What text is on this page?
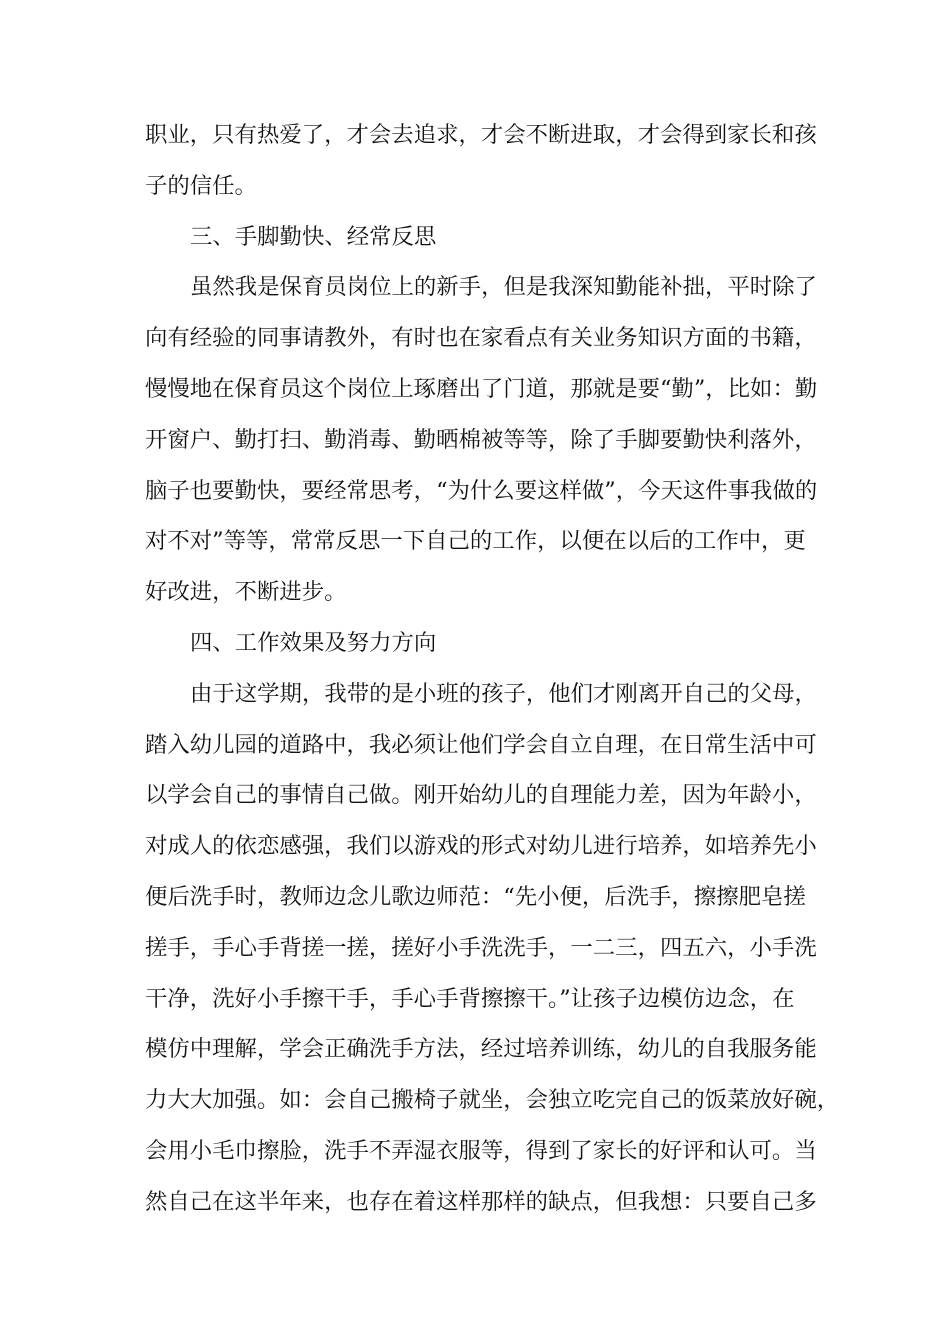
职业，只有热爱了，才会去追求，才会不断进取，才会得到家长和孩
子的信任。
三、手脚勤快、经常反思
虽然我是保育员岗位上的新手，但是我深知勤能补拙，平时除了
向有经验的同事请教外，有时也在家看点有关业务知识方面的书籍，
慢慢地在保育员这个岗位上琢磨出了门道，那就是要“勤”，比如：勤
开窗户、勤打扫、勤消毒、勤晒棉被等等，除了手脚要勤快利落外，
脑子也要勤快，要经常思考，“为什么要这样做”，今天这件事我做的
对不对”等等，常常反思一下自己的工作，以便在以后的工作中，更
好改进，不断进步。
四、工作效果及努力方向
由于这学期，我带的是小班的孩子，他们才刚离开自己的父母，
踏入幼儿园的道路中，我必须让他们学会自立自理，在日常生活中可
以学会自己的事情自己做。刚开始幼儿的自理能力差，因为年龄小，
对成人的依恋感强，我们以游戏的形式对幼儿进行培养，如培养先小
便后洗手时，教师边念儿歌边师范：“先小便，后洗手，擦擦肥皂搓
搓手，手心手背搓一搓，搓好小手洗洗手，一二三，四五六，小手洗
干净，洗好小手擦干手，手心手背擦擦干。”让孩子边模仿边念，在
模仿中理解，学会正确洗手方法，经过培养训练，幼儿的自我服务能
力大大加强。如：会自己搬椅子就坐，会独立吃完自己的饭菜放好碗，
会用小毛巾擦脸，洗手不弄湿衣服等，得到了家长的好评和认可。当
然自己在这半年来，也存在着这样那样的缺点，但我想：只要自己多
